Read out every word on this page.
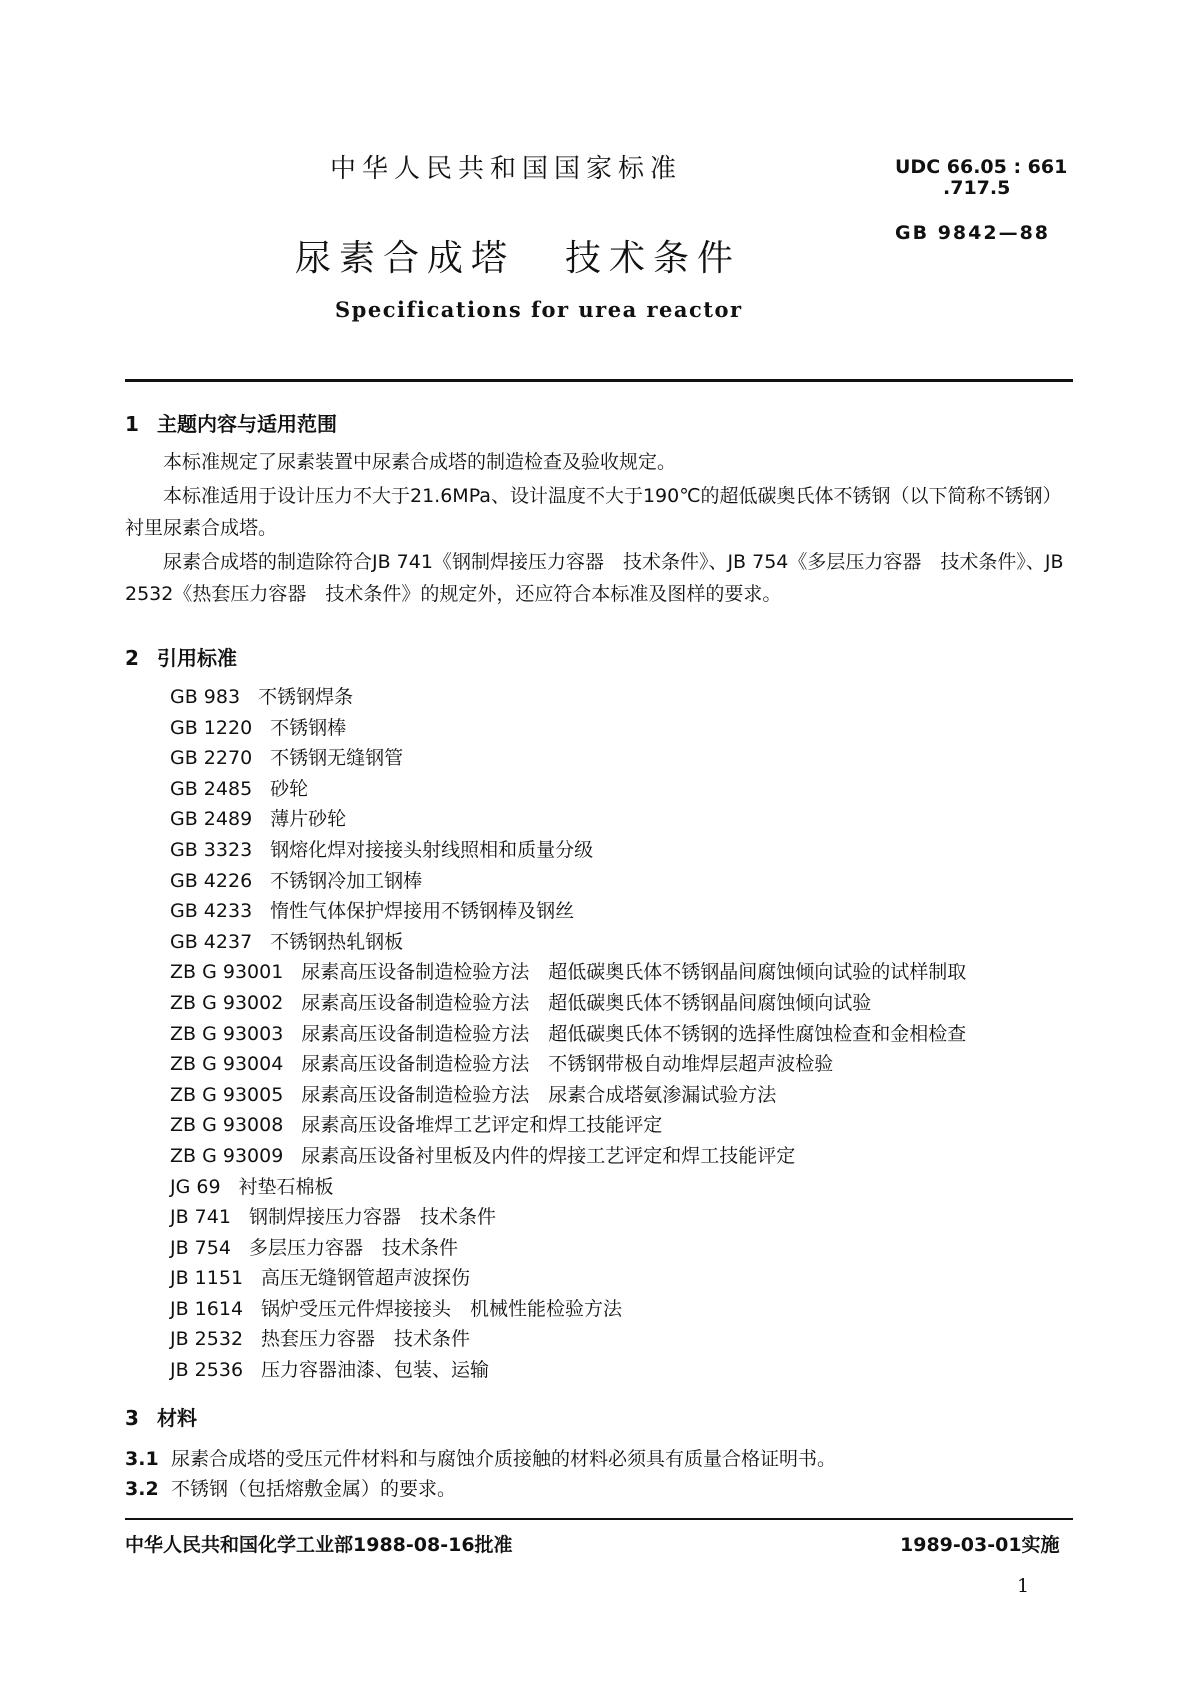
中华人民共和国国家标准	UDC 66.05 : 661
.717.5
GB 9842—88
尿素合成塔 技术条件
Specifications for urea reactor
1 主题内容与适用范围
本标准规定了尿素装置中尿素合成塔的制造检查及验收规定。
本标准适用于设计压力不大于21.6MPa、设计温度不大于190℃的超低碳奥氏体不锈钢（以下简称不锈钢）衬里尿素合成塔。
尿素合成塔的制造除符合JB 741《钢制焊接压力容器　技术条件》、JB 754《多层压力容器　技术条件》、JB 2532《热套压力容器　技术条件》的规定外，还应符合本标准及图样的要求。
2 引用标准
GB 983 不锈钢焊条
GB 1220 不锈钢棒
GB 2270 不锈钢无缝钢管
GB 2485 砂轮
GB 2489 薄片砂轮
GB 3323 钢熔化焊对接接头射线照相和质量分级
GB 4226 不锈钢冷加工钢棒
GB 4233 惰性气体保护焊接用不锈钢棒及钢丝
GB 4237 不锈钢热轧钢板
ZB G 93001 尿素高压设备制造检验方法　超低碳奥氏体不锈钢晶间腐蚀倾向试验的试样制取
ZB G 93002 尿素高压设备制造检验方法　超低碳奥氏体不锈钢晶间腐蚀倾向试验
ZB G 93003 尿素高压设备制造检验方法　超低碳奥氏体不锈钢的选择性腐蚀检查和金相检查
ZB G 93004 尿素高压设备制造检验方法　不锈钢带极自动堆焊层超声波检验
ZB G 93005 尿素高压设备制造检验方法　尿素合成塔氨渗漏试验方法
ZB G 93008 尿素高压设备堆焊工艺评定和焊工技能评定
ZB G 93009 尿素高压设备衬里板及内件的焊接工艺评定和焊工技能评定
JG 69 衬垫石棉板
JB 741 钢制焊接压力容器　技术条件
JB 754 多层压力容器　技术条件
JB 1151 高压无缝钢管超声波探伤
JB 1614 锅炉受压元件焊接接头　机械性能检验方法
JB 2532 热套压力容器　技术条件
JB 2536 压力容器油漆、包装、运输
3 材料
3.1 尿素合成塔的受压元件材料和与腐蚀介质接触的材料必须具有质量合格证明书。
3.2 不锈钢（包括熔敷金属）的要求。
中华人民共和国化学工业部1988-08-16批准	1989-03-01实施
1
